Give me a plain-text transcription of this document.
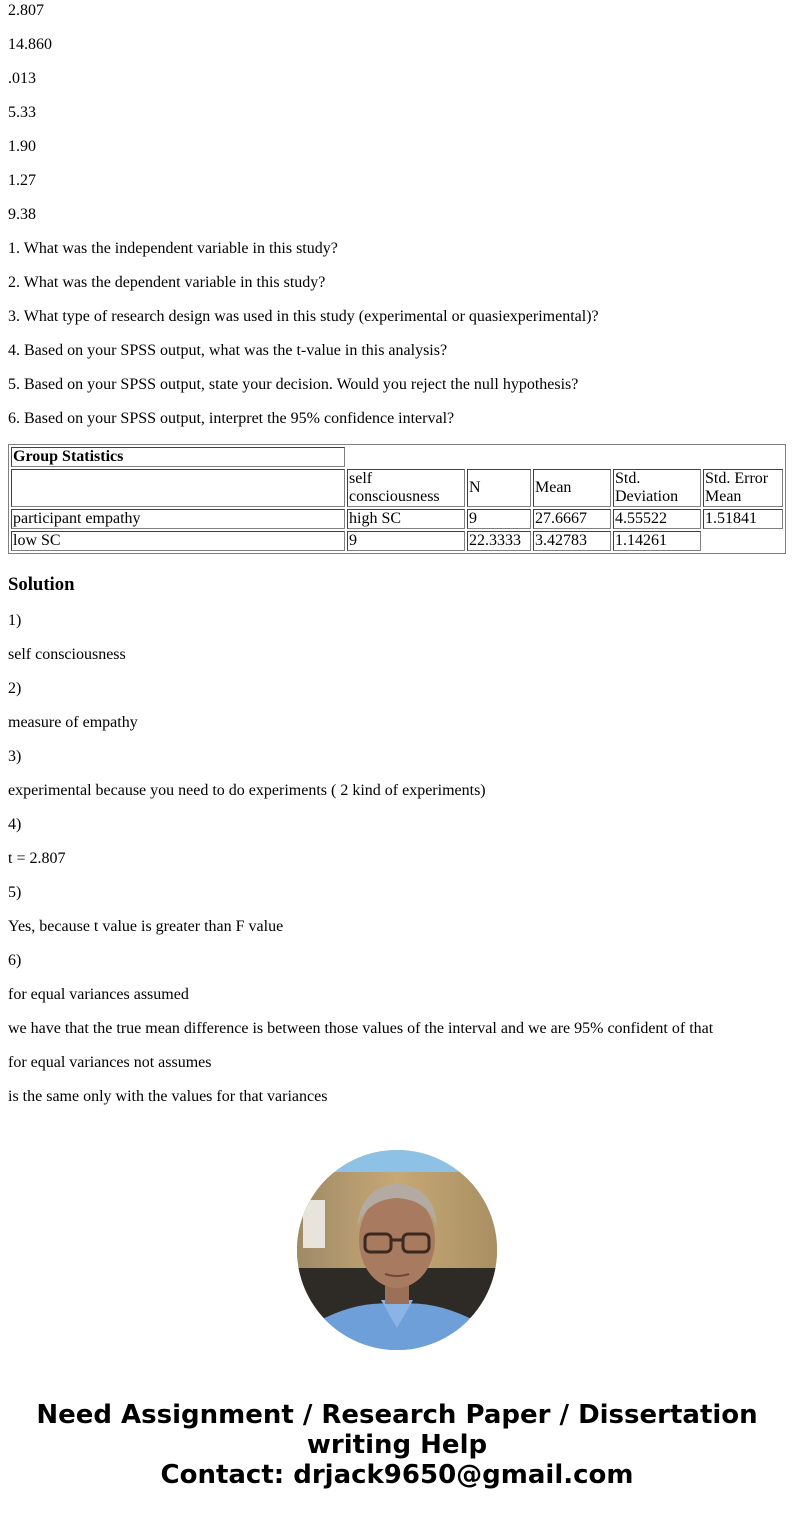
2.807

14.860

.013

5.33

1.90

1.27

9.38

1. What was the independent variable in this study?

2. What was the dependent variable in this study?

3. What type of research design was used in this study (experimental or quasiexperimental)?

4. Based on your SPSS output, what was the t-value in this analysis?

5. Based on your SPSS output, state your decision. Would you reject the null hypothesis?

6. Based on your SPSS output, interpret the 95% confidence interval?

Group Statistics					
	self consciousness	N	Mean	Std. Deviation	Std. Error Mean
participant empathy	high SC	9	27.6667	4.55522	1.51841
low SC	9	22.3333	3.42783	1.14261	
Solution

1)

self consciousness

2)

measure of empathy

3)

experimental because you need to do experiments ( 2 kind of experiments)

4)

t = 2.807

5)

Yes, because t value is greater than F value

6)

for equal variances assumed

we have that the true mean difference is between those values of the interval and we are 95% confident of that

for equal variances not assumes

is the same only with the values for that variances

Need Assignment / Research Paper / Dissertation
writing Help
Contact: drjack9650@gmail.com
